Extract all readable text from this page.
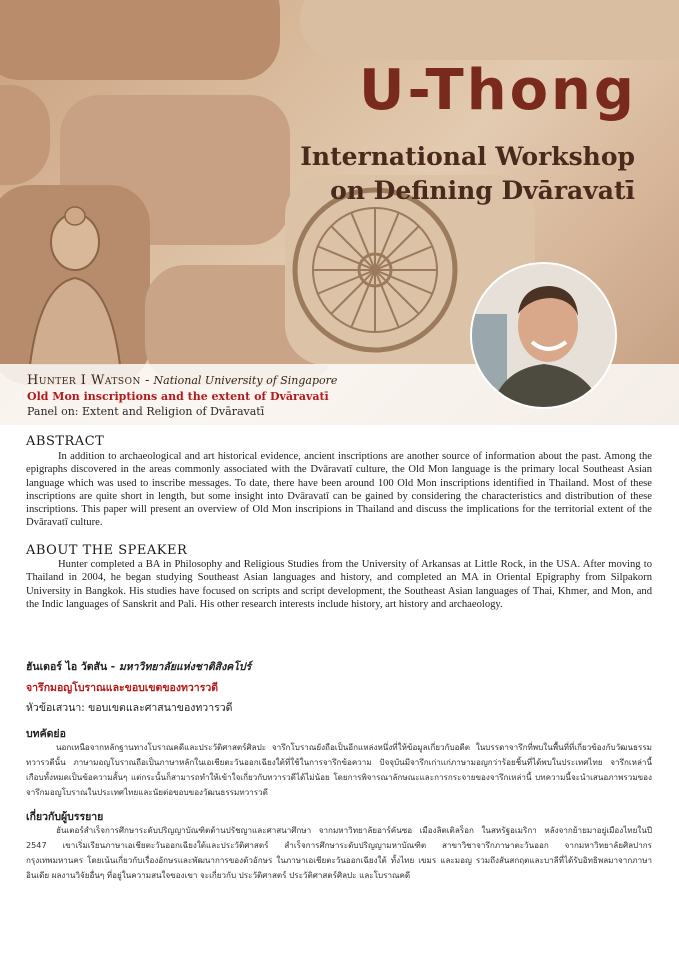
U-Thong
International Workshop
on Defining Dvāravatī
Hunter I Watson - National University of Singapore
Old Mon inscriptions and the extent of Dvāravatī
Panel on: Extent and Religion of Dvāravatī
ABSTRACT
In addition to archaeological and art historical evidence, ancient inscriptions are another source of information about the past. Among the epigraphs discovered in the areas commonly associated with the Dvāravatī culture, the Old Mon language is the primary local Southeast Asian language which was used to inscribe messages. To date, there have been around 100 Old Mon inscriptions identified in Thailand. Most of these inscriptions are quite short in length, but some insight into Dvāravatī can be gained by considering the characteristics and distribution of these inscriptions. This paper will present an overview of Old Mon inscripions in Thailand and discuss the implications for the territorial extent of the Dvāravatī culture.
ABOUT THE SPEAKER
Hunter completed a BA in Philosophy and Religious Studies from the University of Arkansas at Little Rock, in the USA. After moving to Thailand in 2004, he began studying Southeast Asian languages and history, and completed an MA in Oriental Epigraphy from Silpakorn University in Bangkok. His studies have focused on scripts and script development, the Southeast Asian languages of Thai, Khmer, and Mon, and the Indic languages of Sanskrit and Pali. His other research interests include history, art history and archaeology.
ฮันเตอร์ ไอ วัตสัน - มหาวิทยาลัยแห่งชาติสิงคโปร์
จารึกมอญโบราณและขอบเขตของทวารวดี
หัวข้อเสวนา: ขอบเขตและศาสนาของทวารวดี
บทคัดย่อ
นอกเหนือจากหลักฐานทางโบราณคดีและประวัติศาสตร์ศิลปะ จารึกโบราณยังถือเป็นอีกแหล่งหนึ่งที่ให้ข้อมูลเกี่ยวกับอดีต ในบรรดาจารึกที่พบในพื้นที่ที่เกี่ยวข้องกับวัฒนธรรมทวารวดีนั้น ภาษามอญโบราณถือเป็นภาษาหลักในเอเชียตะวันออกเฉียงใต้ที่ใช้ในการจารึกข้อความ ปัจจุบันมีจารึกเก่าแก่ภาษามอญกว่าร้อยชิ้นที่ได้พบในประเทศไทย จารึกเหล่านี้เกือบทั้งหมดเป็นข้อความสั้นๆ แต่กระนั้นก็สามารถทำให้เข้าใจเกี่ยวกับทวารวดีได้ไม่น้อย โดยการพิจารณาลักษณะและการกระจายของจารึกเหล่านี้ บทความนี้จะนำเสนอภาพรวมของจารึกมอญโบราณในประเทศไทยและนัยต่อขอบของวัฒนธรรมทวารวดี
เกี่ยวกับผู้บรรยาย
ฮันเตอร์สำเร็จการศึกษาระดับปริญญาบัณฑิตด้านปรัชญาและศาสนาศึกษา จากมหาวิทยาลัยอาร์คันซอ เมืองลิตเติลร็อก ในสหรัฐอเมริกา หลังจากย้ายมาอยู่เมืองไทยในปี 2547 เขาเริ่มเรียนภาษาเอเชียตะวันออกเฉียงใต้และประวัติศาสตร์ สำเร็จการศึกษาระดับปริญญามหาบัณฑิต สาขาวิชาจารึกภาษาตะวันออก จากมหาวิทยาลัยศิลปากร กรุงเทพมหานคร โดยเน้นเกี่ยวกับเรื่องอักษรและพัฒนาการของตัวอักษร ในภาษาเอเชียตะวันออกเฉียงใต้ ทั้งไทย เขมร และมอญ รวมถึงสันสกฤตและบาลีที่ได้รับอิทธิพลมาจากภาษาอินเดีย ผลงานวิจัยอื่นๆ ที่อยู่ในความสนใจของเขา จะเกี่ยวกับ ประวัติศาสตร์ ประวัติศาสตร์ศิลปะ และโบราณคดี
